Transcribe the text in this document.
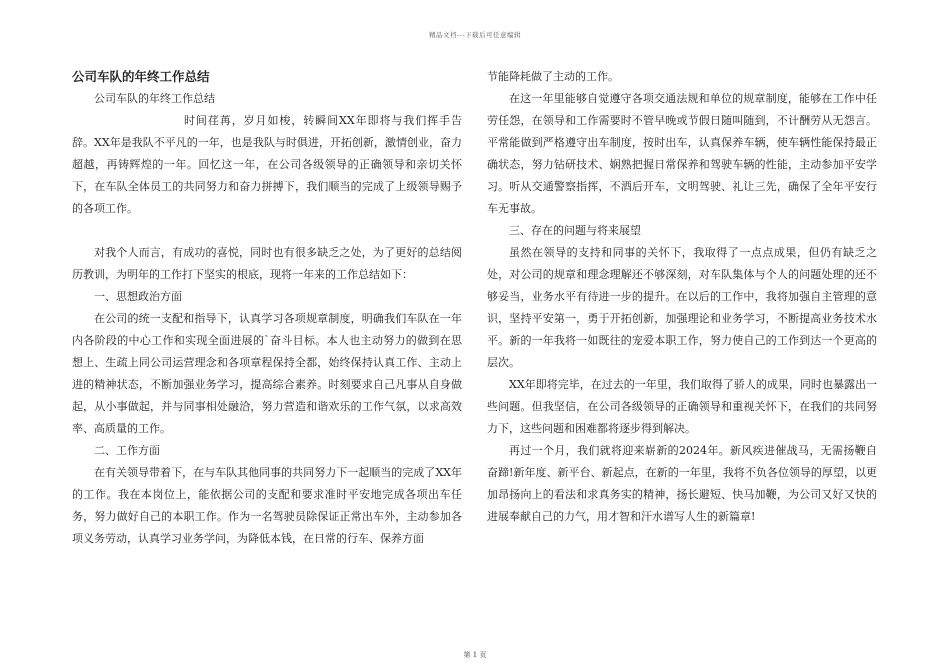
精品文档---下载后可任意编辑

公司车队的年终工作总结

公司车队的年终工作总结

时间荏苒，岁月如梭，转瞬间XX年即将与我们挥手告辞。XX年是我队不平凡的一年，也是我队与时俱进，开拓创新，激情创业，奋力超越，再铸辉煌的一年。回忆这一年，在公司各级领导的正确领导和亲切关怀下，在车队全体员工的共同努力和奋力拼搏下，我们顺当的完成了上级领导赐予的各项工作。

对我个人而言，有成功的喜悦，同时也有很多缺乏之处，为了更好的总结阅历教训，为明年的工作打下坚实的根底，现将一年来的工作总结如下：

一、思想政治方面

在公司的统一支配和指导下，认真学习各项规章制度，明确我们车队在一年内各阶段的中心工作和实现全面进展的`奋斗目标。本人也主动努力的做到在思想上、生疏上同公司运营理念和各项章程保持全都，始终保持认真工作、主动上进的精神状态，不断加强业务学习，提高综合素养。时刻要求自己凡事从自身做起，从小事做起，并与同事相处融洽，努力营造和谐欢乐的工作气氛，以求高效率、高质量的工作。

二、工作方面

在有关领导带着下，在与车队其他同事的共同努力下一起顺当的完成了XX年的工作。我在本岗位上，能依据公司的支配和要求准时平安地完成各项出车任务，努力做好自己的本职工作。作为一名驾驶员除保证正常出车外，主动参加各项义务劳动，认真学习业务学问，为降低本钱，在日常的行车、保养方面

节能降耗做了主动的工作。

在这一年里能够自觉遵守各项交通法规和单位的规章制度，能够在工作中任劳任怨，在领导和工作需要时不管早晚或节假日随叫随到，不计酬劳从无怨言。平常能做到严格遵守出车制度，按时出车，认真保养车辆，使车辆性能保持最正确状态，努力钻研技术、娴熟把握日常保养和驾驶车辆的性能，主动参加平安学习。听从交通警察指挥，不酒后开车，文明驾驶、礼让三先，确保了全年平安行车无事故。

三、存在的问题与将来展望

虽然在领导的支持和同事的关怀下，我取得了一点点成果，但仍有缺乏之处，对公司的规章和理念理解还不够深刻，对车队集体与个人的问题处理的还不够妥当，业务水平有待进一步的提升。在以后的工作中，我将加强自主管理的意识，坚持平安第一，勇于开拓创新，加强理论和业务学习，不断提高业务技术水平。新的一年我将一如既往的宠爱本职工作，努力使自己的工作到达一个更高的层次。

XX年即将完毕，在过去的一年里，我们取得了骄人的成果，同时也暴露出一些问题。但我坚信，在公司各级领导的正确领导和重视关怀下，在我们的共同努力下，这些问题和困难都将逐步得到解决。

再过一个月，我们就将迎来崭新的2024年。新风疾进催战马，无需扬鞭自奋蹄!新年度、新平台、新起点，在新的一年里，我将不负各位领导的厚望，以更加昂扬向上的看法和求真务实的精神，扬长避短、快马加鞭，为公司又好又快的进展奉献自己的力气，用才智和汗水谱写人生的新篇章!

第 1 页
